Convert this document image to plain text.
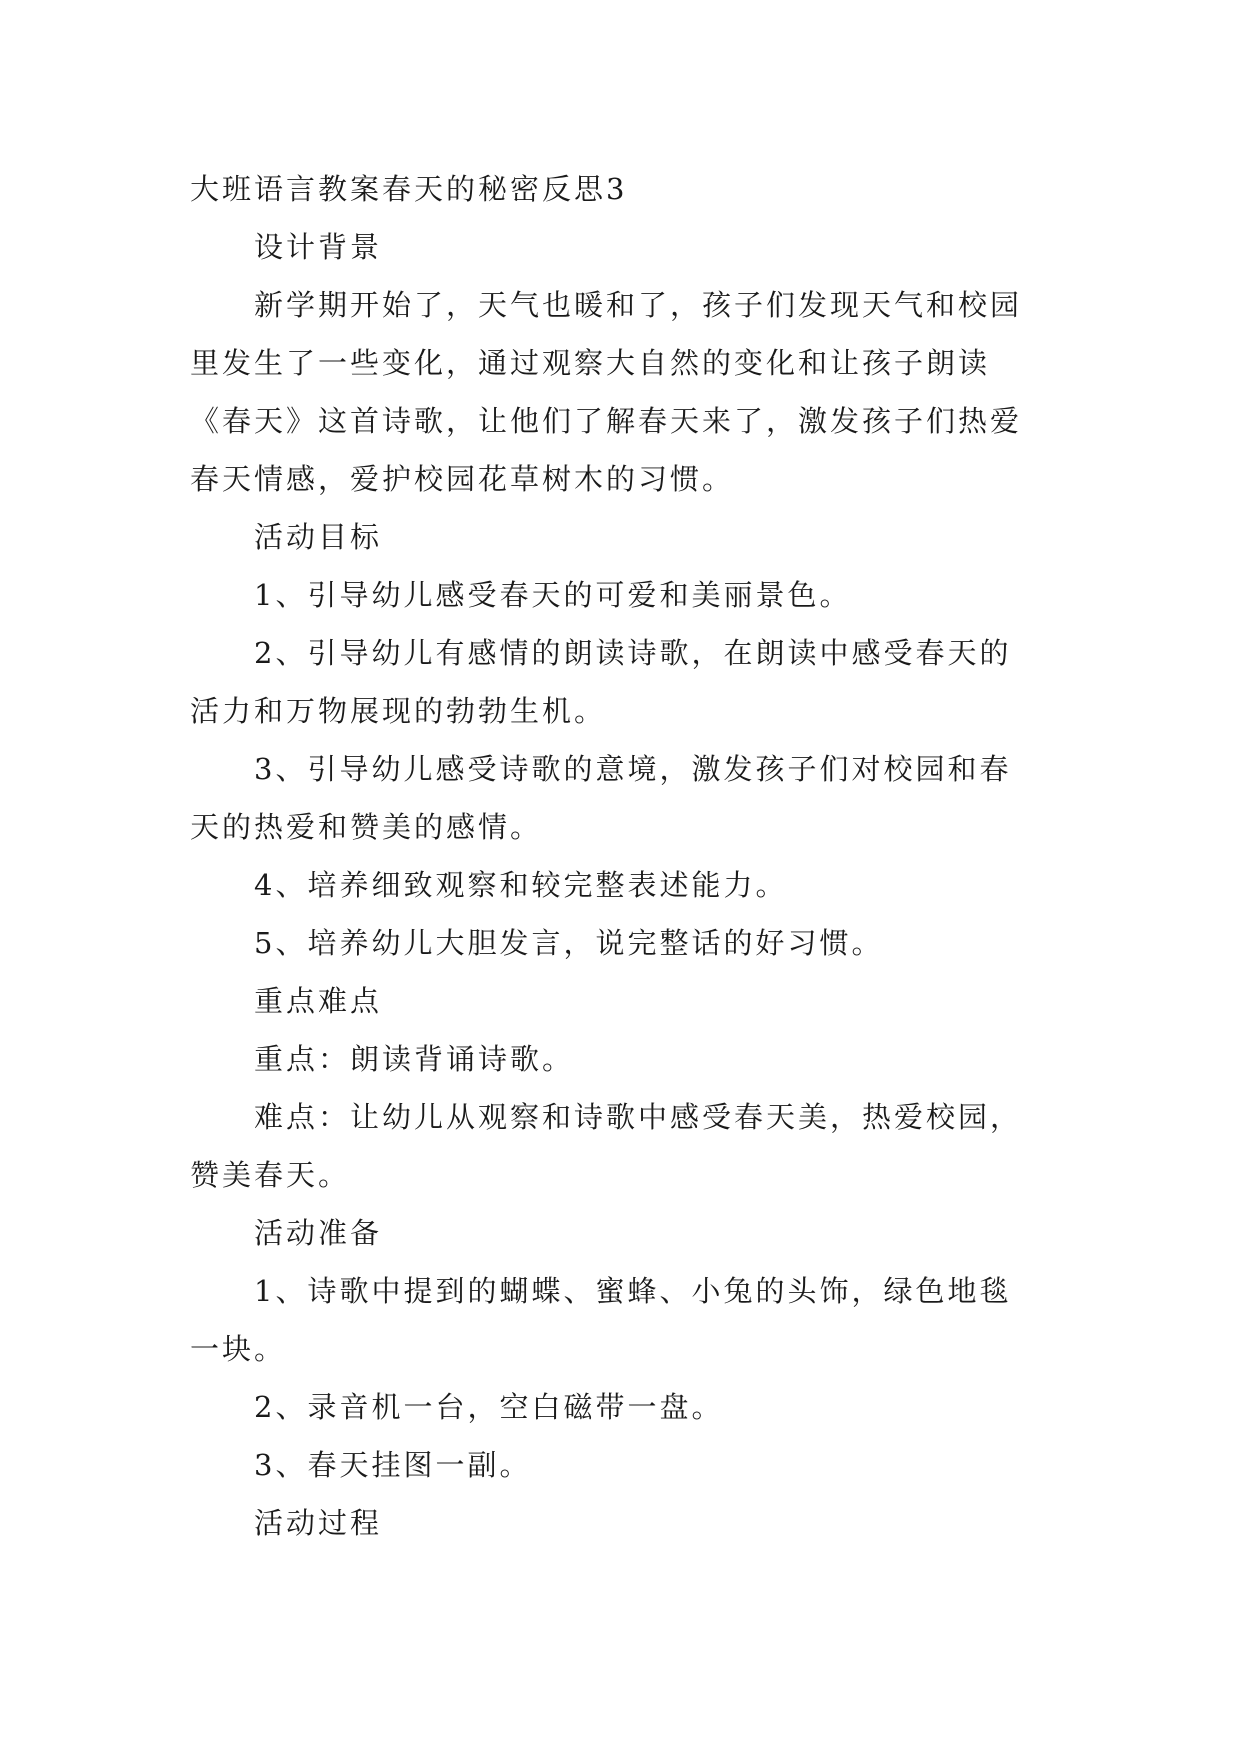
大班语言教案春天的秘密反思3
设计背景
新学期开始了，天气也暖和了，孩子们发现天气和校园
里发生了一些变化，通过观察大自然的变化和让孩子朗读
《春天》这首诗歌，让他们了解春天来了，激发孩子们热爱
春天情感，爱护校园花草树木的习惯。
活动目标
1、引导幼儿感受春天的可爱和美丽景色。
2、引导幼儿有感情的朗读诗歌，在朗读中感受春天的
活力和万物展现的勃勃生机。
3、引导幼儿感受诗歌的意境，激发孩子们对校园和春
天的热爱和赞美的感情。
4、培养细致观察和较完整表述能力。
5、培养幼儿大胆发言，说完整话的好习惯。
重点难点
重点：朗读背诵诗歌。
难点：让幼儿从观察和诗歌中感受春天美，热爱校园，
赞美春天。
活动准备
1、诗歌中提到的蝴蝶、蜜蜂、小兔的头饰，绿色地毯
一块。
2、录音机一台，空白磁带一盘。
3、春天挂图一副。
活动过程
